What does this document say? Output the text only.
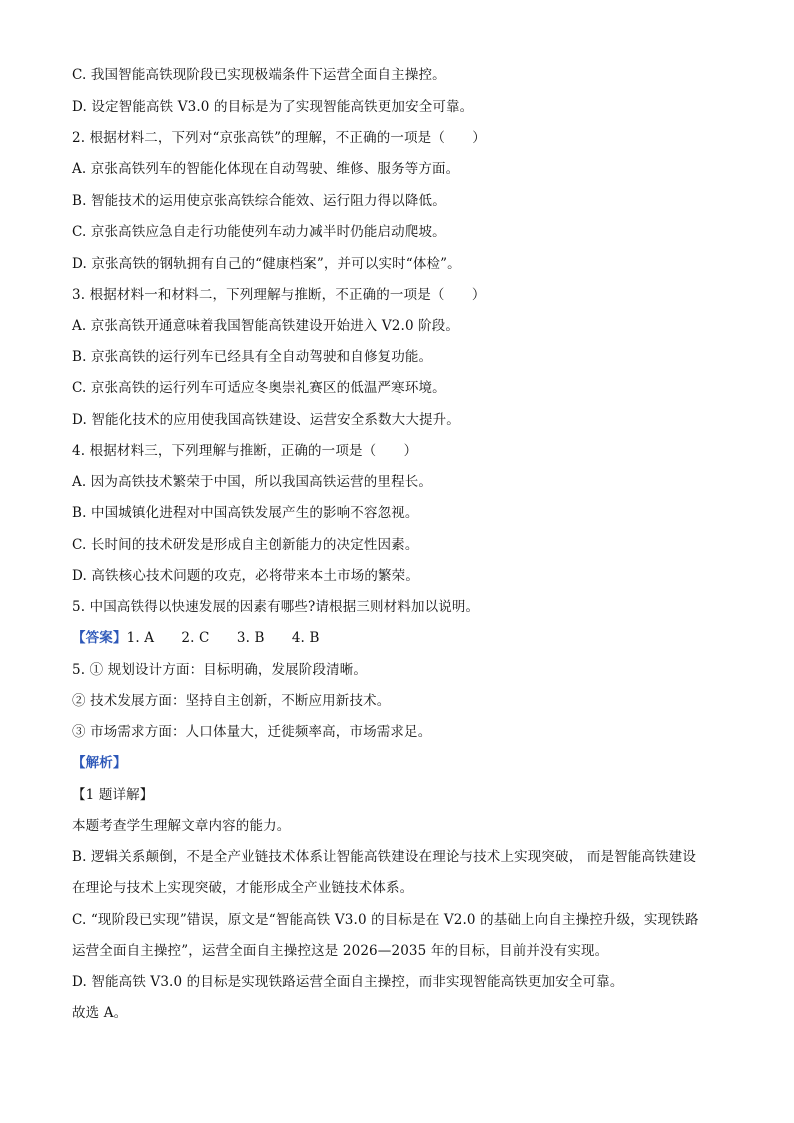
C. 我国智能高铁现阶段已实现极端条件下运营全面自主操控。
D. 设定智能高铁 V3.0 的目标是为了实现智能高铁更加安全可靠。
2. 根据材料二，下列对“京张高铁”的理解，不正确的一项是（　　）
A. 京张高铁列车的智能化体现在自动驾驶、维修、服务等方面。
B. 智能技术的运用使京张高铁综合能效、运行阻力得以降低。
C. 京张高铁应急自走行功能使列车动力减半时仍能启动爬坡。
D. 京张高铁的钢轨拥有自己的“健康档案”，并可以实时“体检”。
3. 根据材料一和材料二，下列理解与推断，不正确的一项是（　　）
A. 京张高铁开通意味着我国智能高铁建设开始进入 V2.0 阶段。
B. 京张高铁的运行列车已经具有全自动驾驶和自修复功能。
C. 京张高铁的运行列车可适应冬奥崇礼赛区的低温严寒环境。
D. 智能化技术的应用使我国高铁建设、运营安全系数大大提升。
4. 根据材料三，下列理解与推断，正确的一项是（　　）
A. 因为高铁技术繁荣于中国，所以我国高铁运营的里程长。
B. 中国城镇化进程对中国高铁发展产生的影响不容忽视。
C. 长时间的技术研发是形成自主创新能力的决定性因素。
D. 高铁核心技术问题的攻克，必将带来本土市场的繁荣。
5. 中国高铁得以快速发展的因素有哪些?请根据三则材料加以说明。
【答案】1. A　　2. C　　3. B　　4. B
5. ① 规划设计方面：目标明确，发展阶段清晰。
② 技术发展方面：坚持自主创新，不断应用新技术。
③ 市场需求方面：人口体量大，迁徙频率高，市场需求足。
【解析】
【1 题详解】
本题考查学生理解文章内容的能力。
B. 逻辑关系颠倒，不是全产业链技术体系让智能高铁建设在理论与技术上实现突破， 而是智能高铁建设
在理论与技术上实现突破，才能形成全产业链技术体系。
C. “现阶段已实现”错误，原文是“智能高铁 V3.0 的目标是在 V2.0 的基础上向自主操控升级，实现铁路
运营全面自主操控”，运营全面自主操控这是 2026—2035 年的目标，目前并没有实现。
D. 智能高铁 V3.0 的目标是实现铁路运营全面自主操控，而非实现智能高铁更加安全可靠。
故选 A。
